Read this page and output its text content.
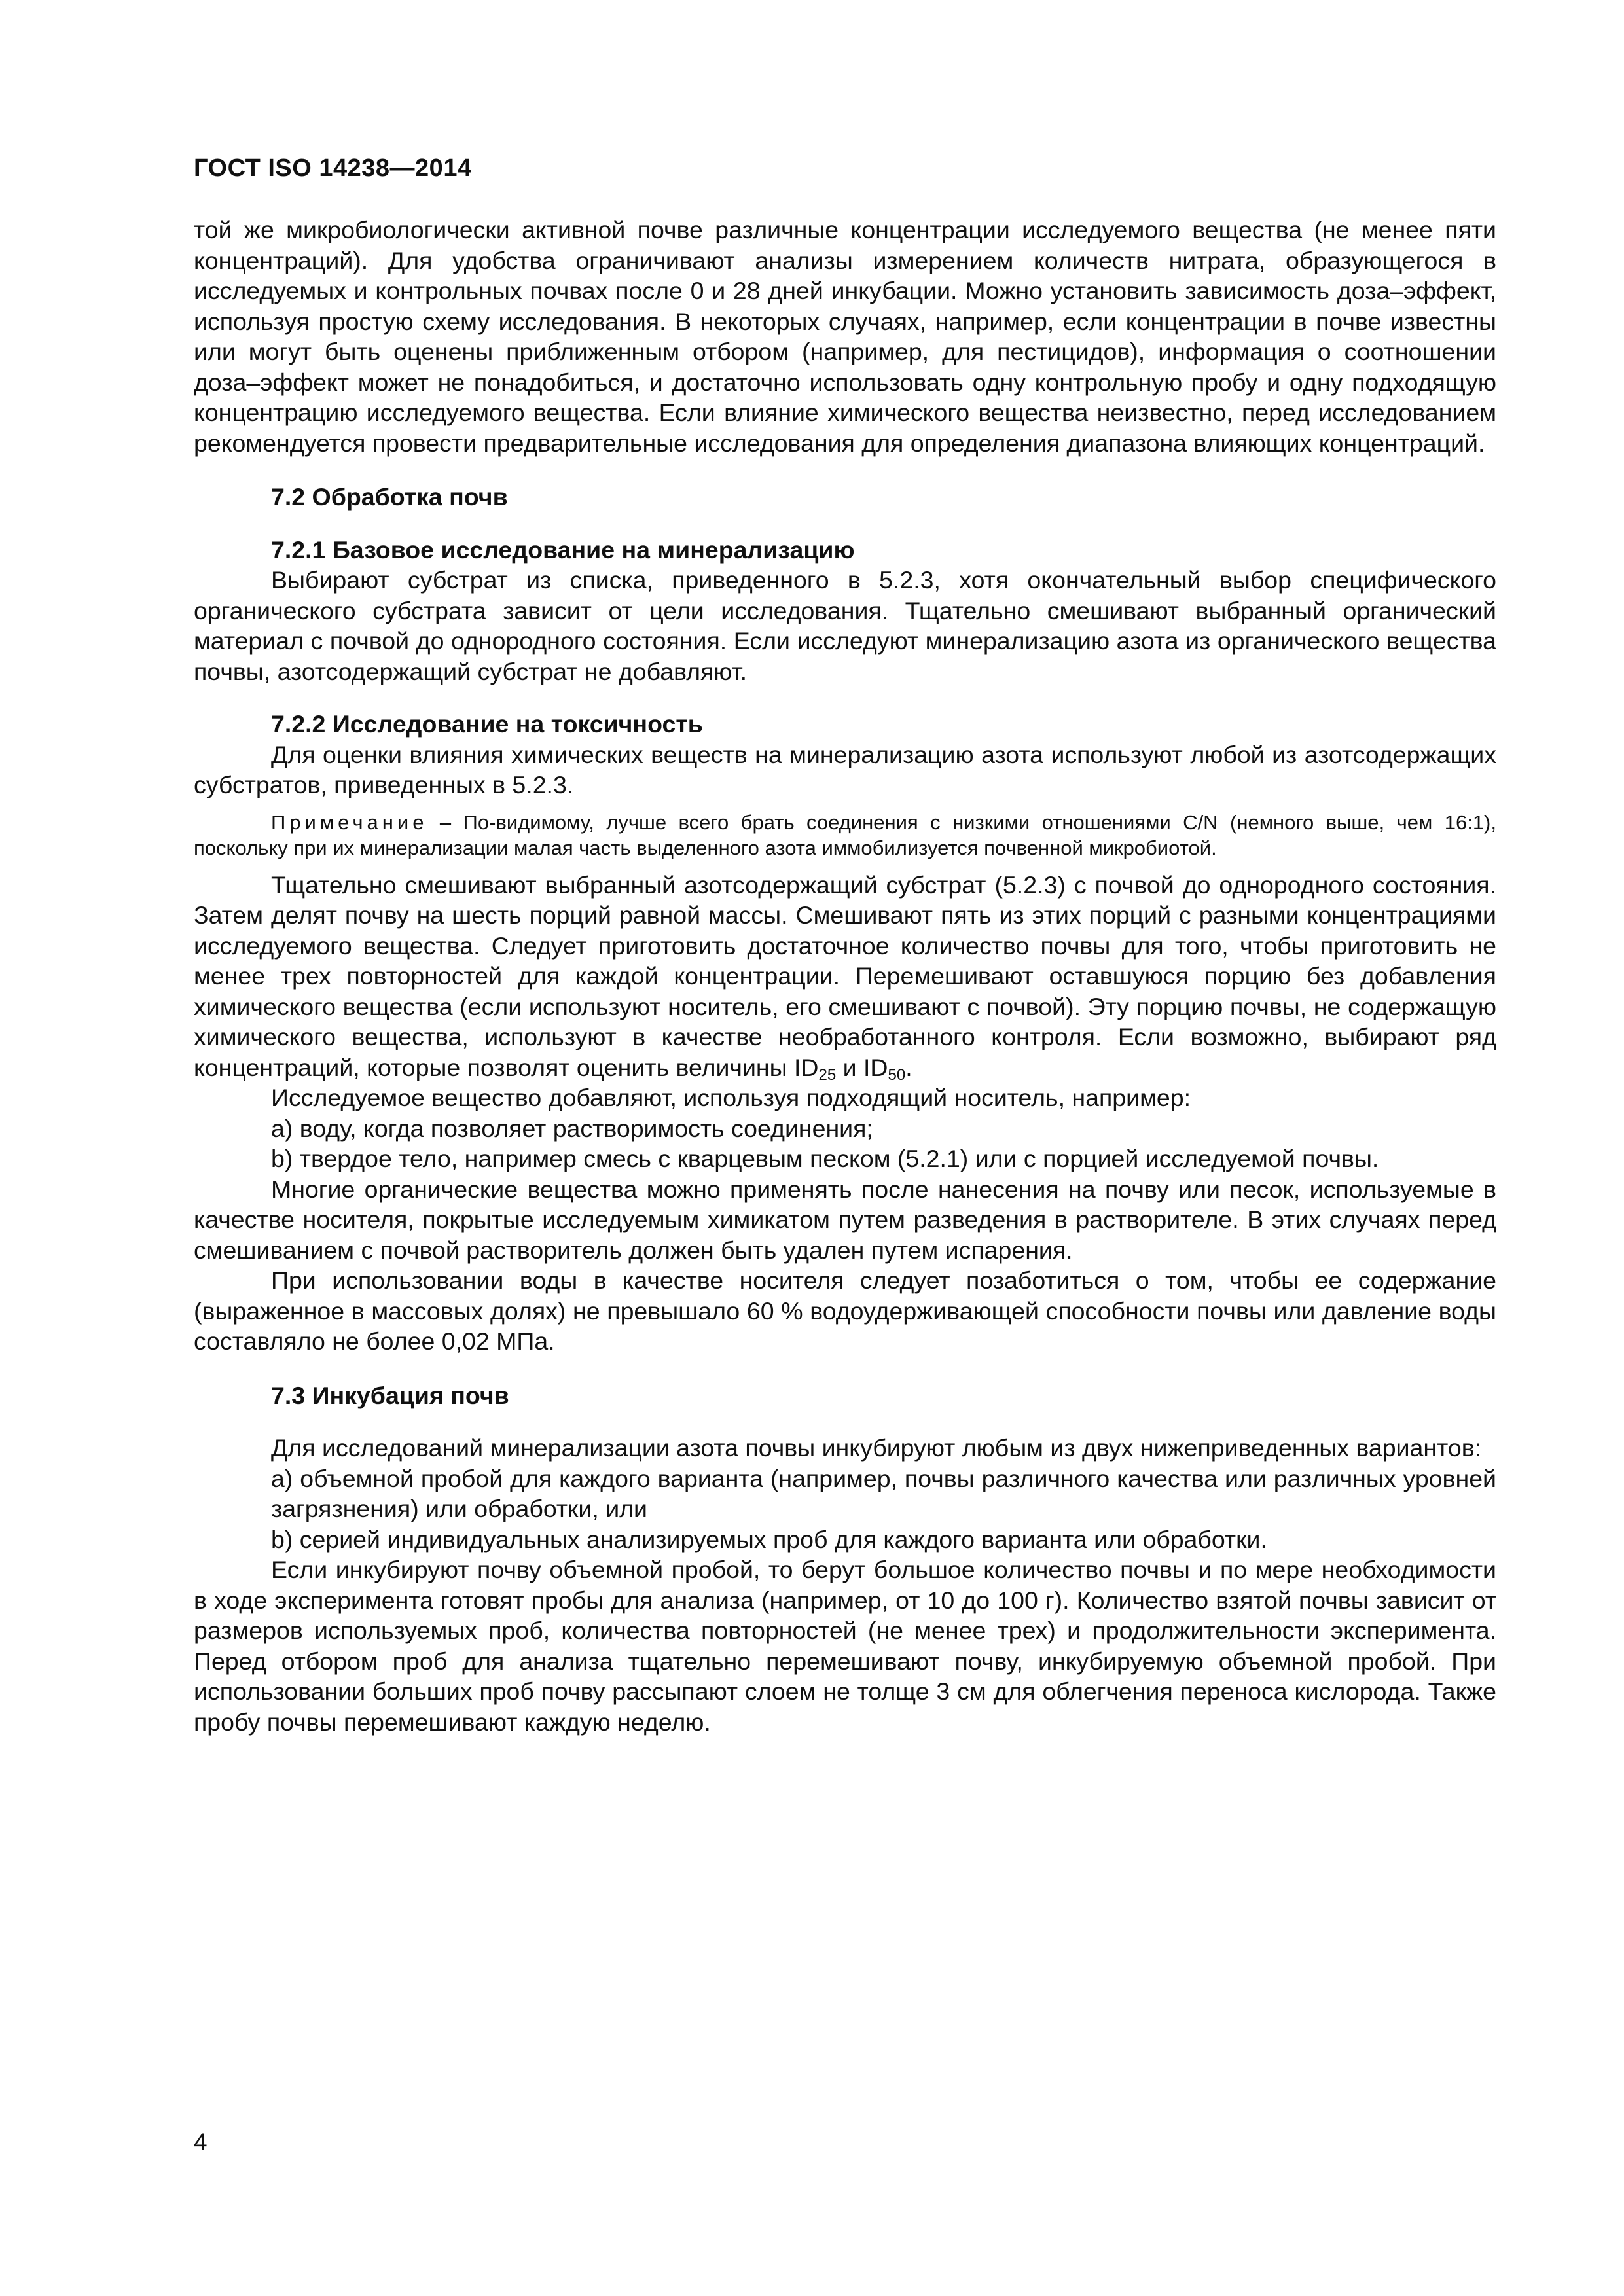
ГОСТ ISO 14238—2014

той же микробиологически активной почве различные концентрации исследуемого вещества (не менее пяти концентраций). Для удобства ограничивают анализы измерением количеств нитрата, образующегося в исследуемых и контрольных почвах после 0 и 28 дней инкубации. Можно установить зависимость доза–эффект, используя простую схему исследования. В некоторых случаях, например, если концентрации в почве известны или могут быть оценены приближенным отбором (например, для пестицидов), информация о соотношении доза–эффект может не понадобиться, и достаточно использовать одну контрольную пробу и одну подходящую концентрацию исследуемого вещества. Если влияние химического вещества неизвестно, перед исследованием рекомендуется провести предварительные исследования для определения диапазона влияющих концентраций.

7.2 Обработка почв

7.2.1 Базовое исследование на минерализацию

Выбирают субстрат из списка, приведенного в 5.2.3, хотя окончательный выбор специфического органического субстрата зависит от цели исследования. Тщательно смешивают выбранный органический материал с почвой до однородного состояния. Если исследуют минерализацию азота из органического вещества почвы, азотсодержащий субстрат не добавляют.

7.2.2 Исследование на токсичность

Для оценки влияния химических веществ на минерализацию азота используют любой из азотсодержащих субстратов, приведенных в 5.2.3.

Примечание – По-видимому, лучше всего брать соединения с низкими отношениями C/N (немного выше, чем 16:1), поскольку при их минерализации малая часть выделенного азота иммобилизуется почвенной микробиотой.

Тщательно смешивают выбранный азотсодержащий субстрат (5.2.3) с почвой до однородного состояния. Затем делят почву на шесть порций равной массы. Смешивают пять из этих порций с разными концентрациями исследуемого вещества. Следует приготовить достаточное количество почвы для того, чтобы приготовить не менее трех повторностей для каждой концентрации. Перемешивают оставшуюся порцию без добавления химического вещества (если используют носитель, его смешивают с почвой). Эту порцию почвы, не содержащую химического вещества, используют в качестве необработанного контроля. Если возможно, выбирают ряд концентраций, которые позволят оценить величины $ID_{25}$ и $ID_{50}$.

Исследуемое вещество добавляют, используя подходящий носитель, например:

a) воду, когда позволяет растворимость соединения;

b) твердое тело, например смесь с кварцевым песком (5.2.1) или с порцией исследуемой почвы.

Многие органические вещества можно применять после нанесения на почву или песок, используемые в качестве носителя, покрытые исследуемым химикатом путем разведения в растворителе. В этих случаях перед смешиванием с почвой растворитель должен быть удален путем испарения.

При использовании воды в качестве носителя следует позаботиться о том, чтобы ее содержание (выраженное в массовых долях) не превышало 60 % водоудерживающей способности почвы или давление воды составляло не более 0,02 МПа.

7.3 Инкубация почв

Для исследований минерализации азота почвы инкубируют любым из двух нижеприведенных вариантов:

a) объемной пробой для каждого варианта (например, почвы различного качества или различных уровней загрязнения) или обработки, или

b) серией индивидуальных анализируемых проб для каждого варианта или обработки.

Если инкубируют почву объемной пробой, то берут большое количество почвы и по мере необходимости в ходе эксперимента готовят пробы для анализа (например, от 10 до 100 г). Количество взятой почвы зависит от размеров используемых проб, количества повторностей (не менее трех) и продолжительности эксперимента. Перед отбором проб для анализа тщательно перемешивают почву, инкубируемую объемной пробой. При использовании больших проб почву рассыпают слоем не толще 3 см для облегчения переноса кислорода. Также пробу почвы перемешивают каждую неделю.

4
